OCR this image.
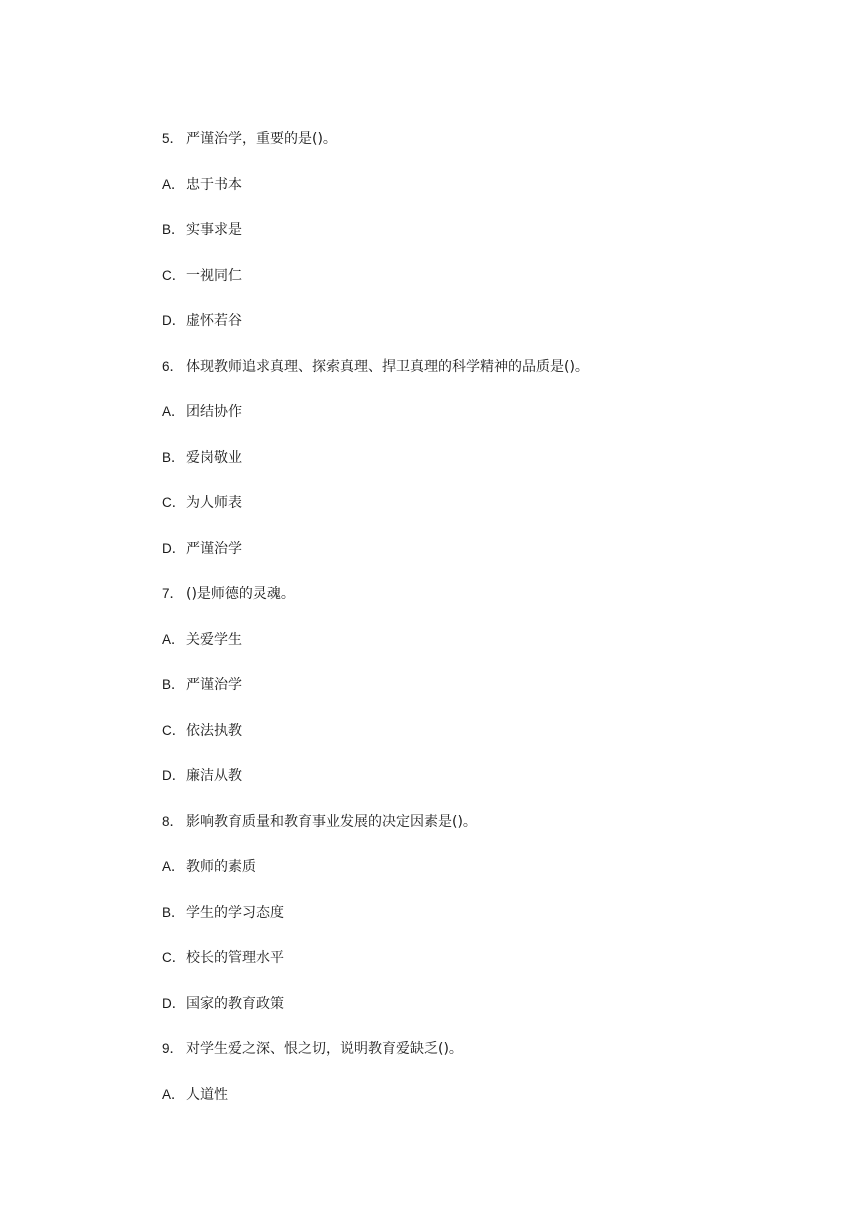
5． 严谨治学，重要的是()。
A． 忠于书本
B． 实事求是
C． 一视同仁
D． 虚怀若谷
6． 体现教师追求真理、探索真理、捍卫真理的科学精神的品质是()。
A． 团结协作
B． 爱岗敬业
C． 为人师表
D． 严谨治学
7． ()是师德的灵魂。
A． 关爱学生
B． 严谨治学
C． 依法执教
D． 廉洁从教
8． 影响教育质量和教育事业发展的决定因素是()。
A． 教师的素质
B． 学生的学习态度
C． 校长的管理水平
D． 国家的教育政策
9． 对学生爱之深、恨之切，说明教育爱缺乏()。
A． 人道性
